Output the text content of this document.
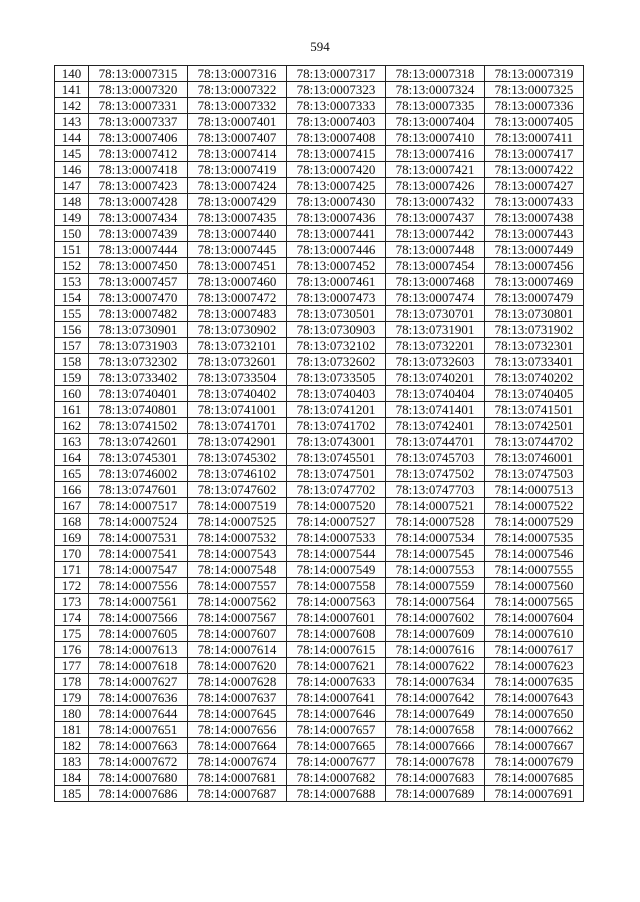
594
140	78:13:0007315	78:13:0007316	78:13:0007317	78:13:0007318	78:13:0007319
141	78:13:0007320	78:13:0007322	78:13:0007323	78:13:0007324	78:13:0007325
142	78:13:0007331	78:13:0007332	78:13:0007333	78:13:0007335	78:13:0007336
143	78:13:0007337	78:13:0007401	78:13:0007403	78:13:0007404	78:13:0007405
144	78:13:0007406	78:13:0007407	78:13:0007408	78:13:0007410	78:13:0007411
145	78:13:0007412	78:13:0007414	78:13:0007415	78:13:0007416	78:13:0007417
146	78:13:0007418	78:13:0007419	78:13:0007420	78:13:0007421	78:13:0007422
147	78:13:0007423	78:13:0007424	78:13:0007425	78:13:0007426	78:13:0007427
148	78:13:0007428	78:13:0007429	78:13:0007430	78:13:0007432	78:13:0007433
149	78:13:0007434	78:13:0007435	78:13:0007436	78:13:0007437	78:13:0007438
150	78:13:0007439	78:13:0007440	78:13:0007441	78:13:0007442	78:13:0007443
151	78:13:0007444	78:13:0007445	78:13:0007446	78:13:0007448	78:13:0007449
152	78:13:0007450	78:13:0007451	78:13:0007452	78:13:0007454	78:13:0007456
153	78:13:0007457	78:13:0007460	78:13:0007461	78:13:0007468	78:13:0007469
154	78:13:0007470	78:13:0007472	78:13:0007473	78:13:0007474	78:13:0007479
155	78:13:0007482	78:13:0007483	78:13:0730501	78:13:0730701	78:13:0730801
156	78:13:0730901	78:13:0730902	78:13:0730903	78:13:0731901	78:13:0731902
157	78:13:0731903	78:13:0732101	78:13:0732102	78:13:0732201	78:13:0732301
158	78:13:0732302	78:13:0732601	78:13:0732602	78:13:0732603	78:13:0733401
159	78:13:0733402	78:13:0733504	78:13:0733505	78:13:0740201	78:13:0740202
160	78:13:0740401	78:13:0740402	78:13:0740403	78:13:0740404	78:13:0740405
161	78:13:0740801	78:13:0741001	78:13:0741201	78:13:0741401	78:13:0741501
162	78:13:0741502	78:13:0741701	78:13:0741702	78:13:0742401	78:13:0742501
163	78:13:0742601	78:13:0742901	78:13:0743001	78:13:0744701	78:13:0744702
164	78:13:0745301	78:13:0745302	78:13:0745501	78:13:0745703	78:13:0746001
165	78:13:0746002	78:13:0746102	78:13:0747501	78:13:0747502	78:13:0747503
166	78:13:0747601	78:13:0747602	78:13:0747702	78:13:0747703	78:14:0007513
167	78:14:0007517	78:14:0007519	78:14:0007520	78:14:0007521	78:14:0007522
168	78:14:0007524	78:14:0007525	78:14:0007527	78:14:0007528	78:14:0007529
169	78:14:0007531	78:14:0007532	78:14:0007533	78:14:0007534	78:14:0007535
170	78:14:0007541	78:14:0007543	78:14:0007544	78:14:0007545	78:14:0007546
171	78:14:0007547	78:14:0007548	78:14:0007549	78:14:0007553	78:14:0007555
172	78:14:0007556	78:14:0007557	78:14:0007558	78:14:0007559	78:14:0007560
173	78:14:0007561	78:14:0007562	78:14:0007563	78:14:0007564	78:14:0007565
174	78:14:0007566	78:14:0007567	78:14:0007601	78:14:0007602	78:14:0007604
175	78:14:0007605	78:14:0007607	78:14:0007608	78:14:0007609	78:14:0007610
176	78:14:0007613	78:14:0007614	78:14:0007615	78:14:0007616	78:14:0007617
177	78:14:0007618	78:14:0007620	78:14:0007621	78:14:0007622	78:14:0007623
178	78:14:0007627	78:14:0007628	78:14:0007633	78:14:0007634	78:14:0007635
179	78:14:0007636	78:14:0007637	78:14:0007641	78:14:0007642	78:14:0007643
180	78:14:0007644	78:14:0007645	78:14:0007646	78:14:0007649	78:14:0007650
181	78:14:0007651	78:14:0007656	78:14:0007657	78:14:0007658	78:14:0007662
182	78:14:0007663	78:14:0007664	78:14:0007665	78:14:0007666	78:14:0007667
183	78:14:0007672	78:14:0007674	78:14:0007677	78:14:0007678	78:14:0007679
184	78:14:0007680	78:14:0007681	78:14:0007682	78:14:0007683	78:14:0007685
185	78:14:0007686	78:14:0007687	78:14:0007688	78:14:0007689	78:14:0007691
